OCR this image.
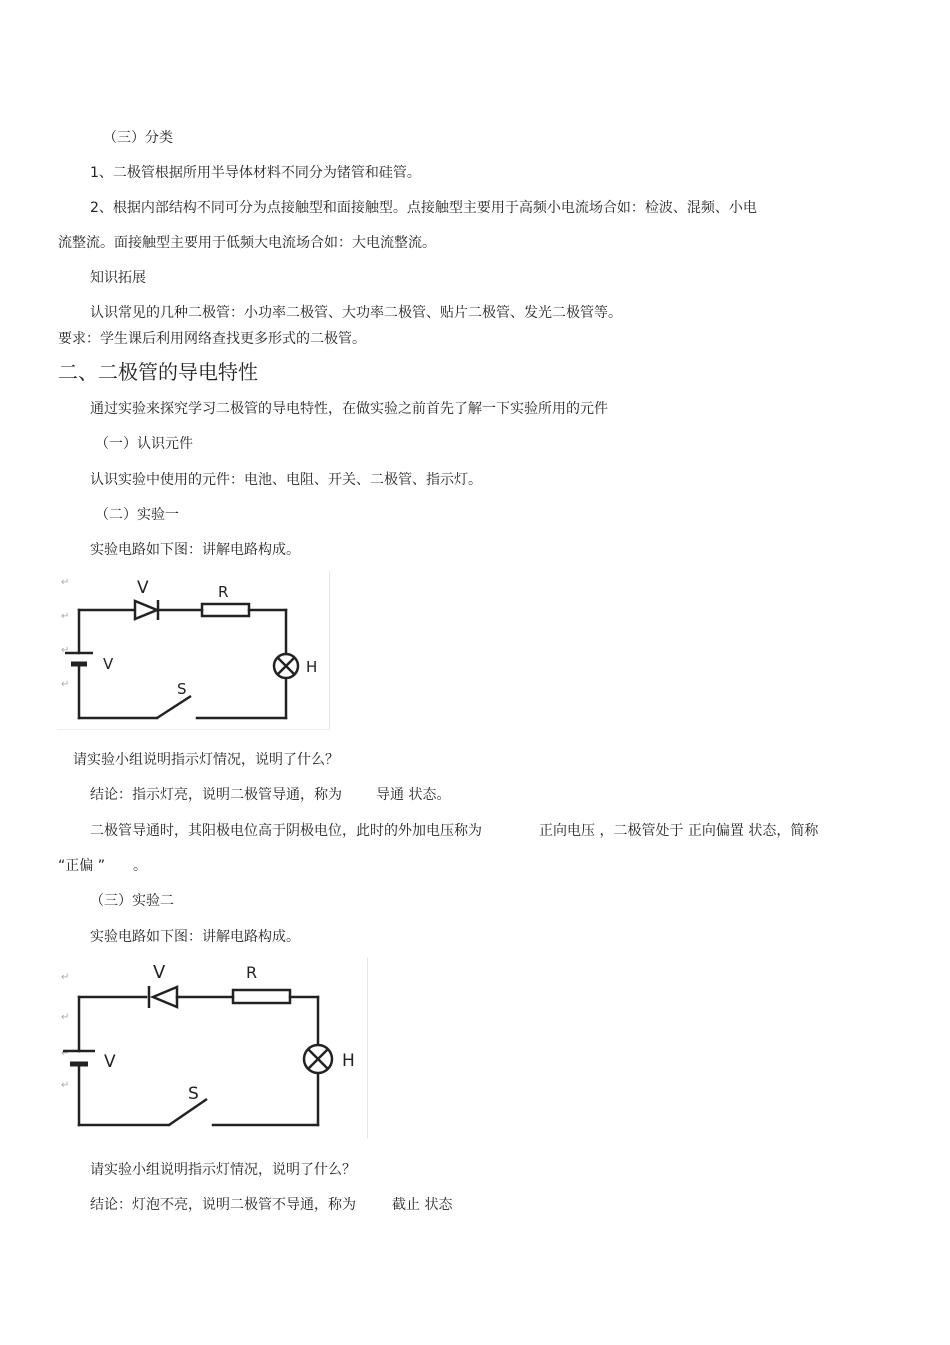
（三）分类
1、二极管根据所用半导体材料不同分为锗管和硅管。
2、根据内部结构不同可分为点接触型和面接触型。点接触型主要用于高频小电流场合如：检波、混频、小电
流整流。面接触型主要用于低频大电流场合如：大电流整流。
知识拓展
认识常见的几种二极管：小功率二极管、大功率二极管、贴片二极管、发光二极管等。
要求：学生课后利用网络查找更多形式的二极管。
二、二极管的导电特性
通过实验来探究学习二极管的导电特性，在做实验之前首先了解一下实验所用的元件
（一）认识元件
认识实验中使用的元件：电池、电阻、开关、二极管、指示灯。
（二）实验一
实验电路如下图：讲解电路构成。
↵
↵
↵
↵
V	R
H
V
S
请实验小组说明指示灯情况，说明了什么？
结论：指示灯亮，说明二极管导通，称为 导通 状态。
二极管导通时，其阳极电位高于阴极电位，此时的外加电压称为	正向电压 ，二极管处于 正向偏置 状态，简称
“正偏 ” 。
（三）实验二
实验电路如下图：讲解电路构成。
↵
↵
↵
↵
V	R
H
V
S
请实验小组说明指示灯情况，说明了什么？
结论：灯泡不亮，说明二极管不导通，称为	截止 状态
